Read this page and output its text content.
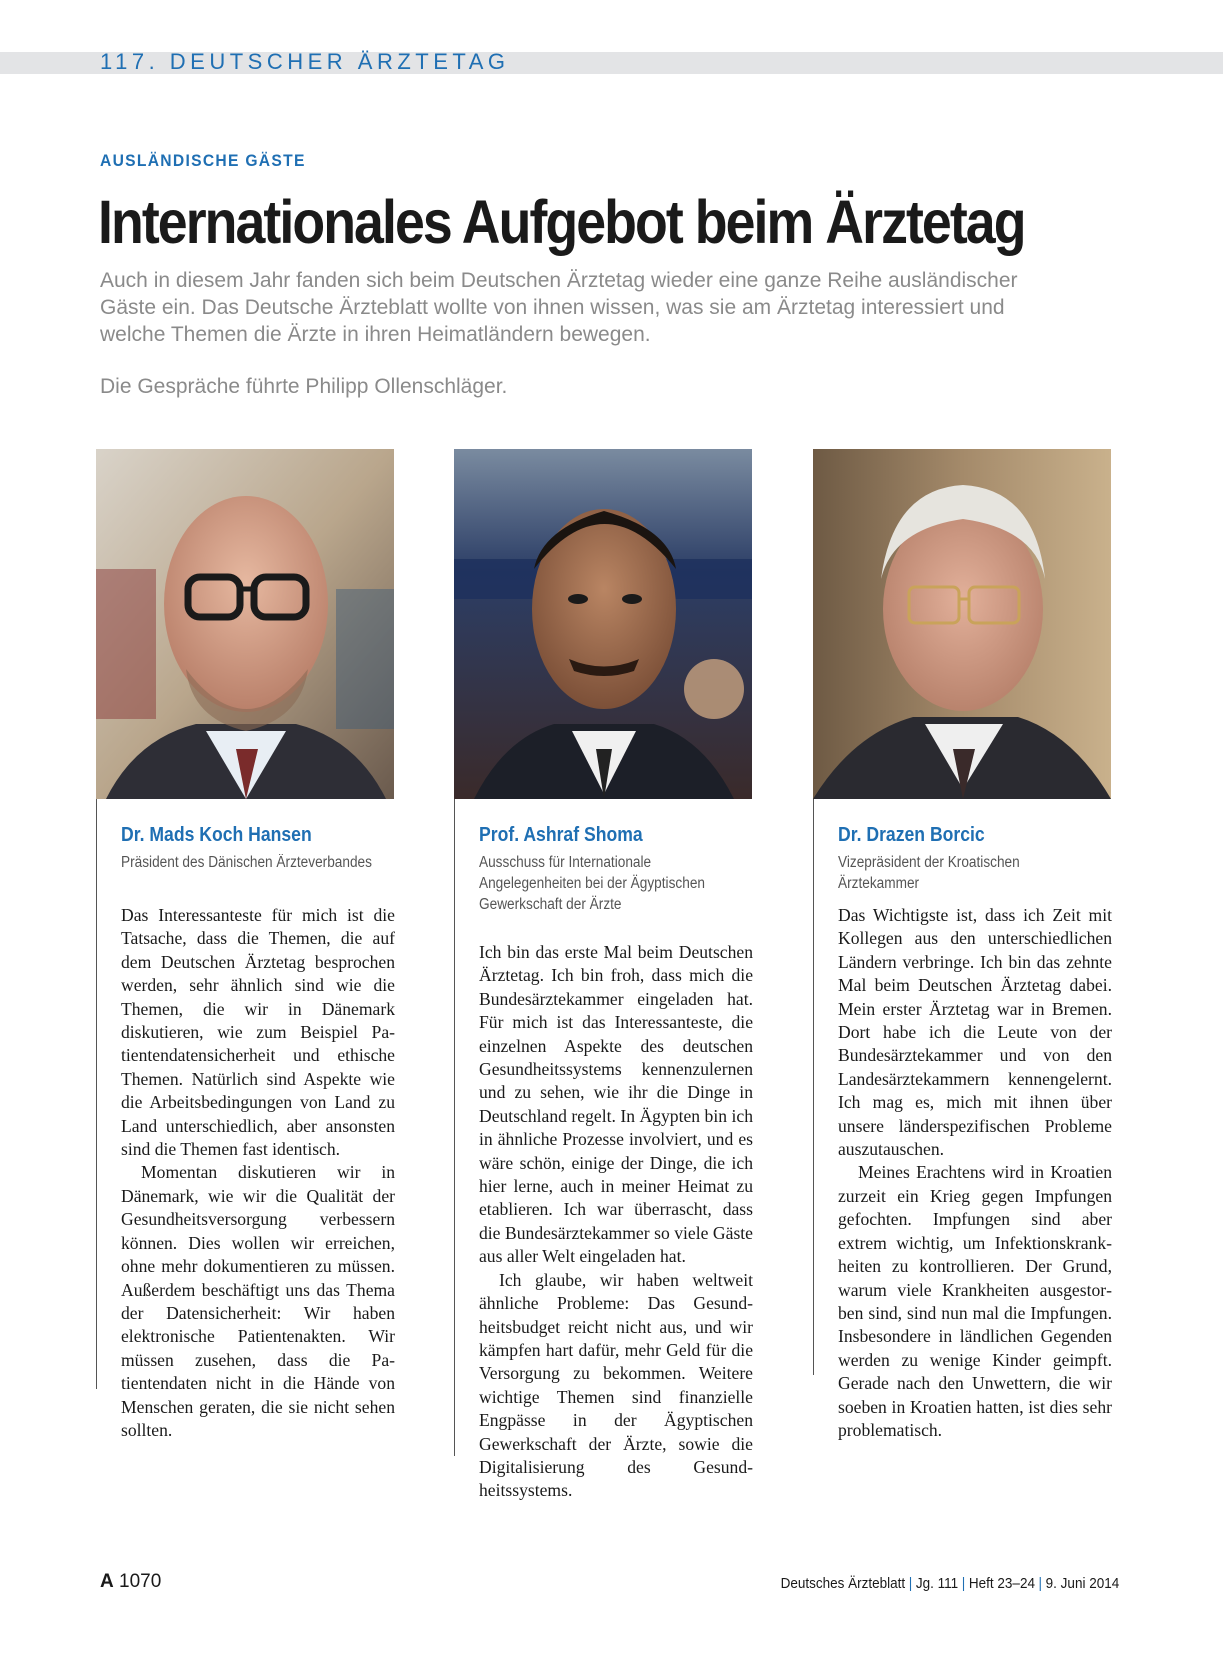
117. DEUTSCHER ÄRZTETAG
AUSLÄNDISCHE GÄSTE
Internationales Aufgebot beim Ärztetag
Auch in diesem Jahr fanden sich beim Deutschen Ärztetag wieder eine ganze Reihe ausländischer Gäste ein. Das Deutsche Ärzteblatt wollte von ihnen wissen, was sie am Ärztetag interessiert und welche Themen die Ärzte in ihren Heimatländern bewegen.
Die Gespräche führte Philipp Ollenschläger.
Dr. Mads Koch Hansen
Präsident des Dänischen Ärzteverbandes

Das Interessanteste für mich ist die Tatsache, dass die Themen, die auf dem Deutschen Ärztetag besprochen werden, sehr ähnlich sind wie die Themen, die wir in Dänemark diskutieren, wie zum Beispiel Patientendatensicherheit und ethische Themen. Natürlich sind Aspekte wie die Arbeitsbedingungen von Land zu Land unterschiedlich, aber ansonsten sind die Themen fast identisch.

Momentan diskutieren wir in Dänemark, wie wir die Qualität der Gesundheitsversorgung verbessern können. Dies wollen wir erreichen, ohne mehr dokumentieren zu müssen. Außerdem beschäftigt uns das Thema der Datensicherheit: Wir haben elektronische Patientenakten. Wir müssen zusehen, dass die Patientendaten nicht in die Hände von Menschen geraten, die sie nicht sehen sollten.

Prof. Ashraf Shoma
Ausschuss für Internationale Angelegenheiten bei der Ägyptischen Gewerkschaft der Ärzte

Ich bin das erste Mal beim Deutschen Ärztetag. Ich bin froh, dass mich die Bundesärztekammer eingeladen hat. Für mich ist das Interessanteste, die einzelnen Aspekte des deutschen Gesundheitssystems kennenzulernen und zu sehen, wie ihr die Dinge in Deutschland regelt. In Ägypten bin ich in ähnliche Prozesse involviert, und es wäre schön, einige der Dinge, die ich hier lerne, auch in meiner Heimat zu etablieren. Ich war überrascht, dass die Bundesärztekammer so viele Gäste aus aller Welt eingeladen hat.

Ich glaube, wir haben weltweit ähnliche Probleme: Das Gesundheitsbudget reicht nicht aus, und wir kämpfen hart dafür, mehr Geld für die Versorgung zu bekommen. Weitere wichtige Themen sind finanzielle Engpässe in der Ägyptischen Gewerkschaft der Ärzte, sowie die Digitalisierung des Gesundheitssystems.

Dr. Drazen Borcic
Vizepräsident der Kroatischen Ärztekammer

Das Wichtigste ist, dass ich Zeit mit Kollegen aus den unterschiedlichen Ländern verbringe. Ich bin das zehnte Mal beim Deutschen Ärztetag dabei. Mein erster Ärztetag war in Bremen. Dort habe ich die Leute von der Bundesärztekammer und von den Landesärztekammern kennengelernt. Ich mag es, mich mit ihnen über unsere länderspezifischen Probleme auszutauschen.

Meines Erachtens wird in Kroatien zurzeit ein Krieg gegen Impfungen gefochten. Impfungen sind aber extrem wichtig, um Infektionskrankheiten zu kontrollieren. Der Grund, warum viele Krankheiten ausgestorben sind, sind nun mal die Impfungen. Insbesondere in ländlichen Gegenden werden zu wenige Kinder geimpft. Gerade nach den Unwettern, die wir soeben in Kroatien hatten, ist dies sehr problematisch.

A 1070	Deutsches Ärzteblatt | Jg. 111 | Heft 23–24 | 9. Juni 2014
